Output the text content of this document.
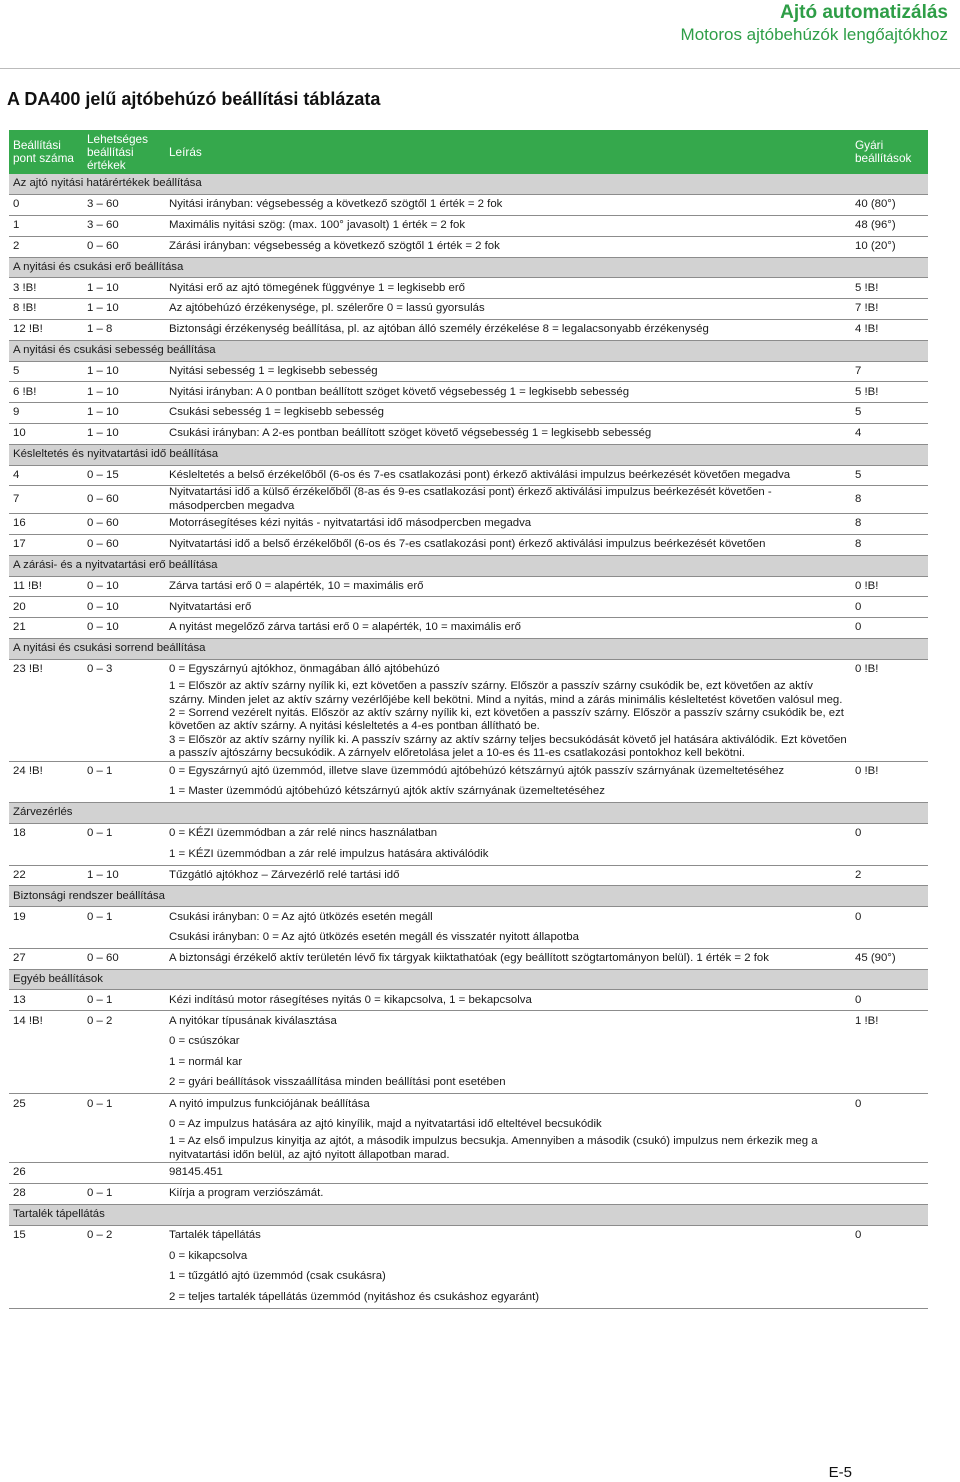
Ajtó automatizálás
Motoros ajtóbehúzók lengőajtókhoz
A DA400 jelű ajtóbehúzó beállítási táblázata
Beállítási pont száma	Lehetséges beállítási értékek	Leírás	Gyári beállítások
Az ajtó nyitási határértékek beállítása			
0	3 – 60	Nyitási irányban: végsebesség a következő szögtől 1 érték = 2 fok	40 (80°)
1	3 – 60	Maximális nyitási szög: (max. 100° javasolt) 1 érték = 2 fok	48 (96°)
2	0 – 60	Zárási irányban: végsebesség a következő szögtől 1 érték = 2 fok	10 (20°)
A nyitási és csukási erő beállítása			
3 !B!	1 – 10	Nyitási erő az ajtó tömegének függvénye 1 = legkisebb erő	5 !B!
8 !B!	1 – 10	Az ajtóbehúzó érzékenysége, pl. szélerőre 0 = lassú gyorsulás	7 !B!
12 !B!	1 – 8	Biztonsági érzékenység beállítása, pl. az ajtóban álló személy érzékelése 8 = legalacsonyabb érzékenység	4 !B!
A nyitási és csukási sebesség beállítása			
5	1 – 10	Nyitási sebesség 1 = legkisebb sebesség	7
6 !B!	1 – 10	Nyitási irányban: A 0 pontban beállított szöget követő végsebesség 1 = legkisebb sebesség	5 !B!
9	1 – 10	Csukási sebesség 1 = legkisebb sebesség	5
10	1 – 10	Csukási irányban: A 2-es pontban beállított szöget követő végsebesség 1 = legkisebb sebesség	4
Késleltetés és nyitvatartási idő beállítása			
4	0 – 15	Késleltetés a belső érzékelőből (6-os és 7-es csatlakozási pont) érkező aktiválási impulzus beérkezését követően megadva	5
7	0 – 60	Nyitvatartási idő a külső érzékelőből (8-as és 9-es csatlakozási pont) érkező aktiválási impulzus beérkezését követően - másodpercben megadva	8
16	0 – 60	Motorrásegítéses kézi nyitás - nyitvatartási idő másodpercben megadva	8
17	0 – 60	Nyitvatartási idő a belső érzékelőből (6-os és 7-es csatlakozási pont) érkező aktiválási impulzus beérkezését követően	8
A zárási- és a nyitvatartási erő beállítása			
11 !B!	0 – 10	Zárva tartási erő 0 = alapérték, 10 = maximális erő	0 !B!
20	0 – 10	Nyitvatartási erő	0
21	0 – 10	A nyitást megelőző zárva tartási erő 0 = alapérték, 10 = maximális erő	0
A nyitási és csukási sorrend beállítása			
23 !B!	0 – 3	0 = Egyszárnyú ajtókhoz, önmagában álló ajtóbehúzó	0 !B!
		1 = Először az aktív szárny nyílik ki, ezt követően a passzív szárny. Először a passzív szárny csukódik be, ezt követően az aktív szárny. Minden jelet az aktív szárny vezérlőjébe kell bekötni. Mind a nyitás, mind a zárás minimális késleltetést követően valósul meg.	
		2 = Sorrend vezérelt nyitás. Először az aktív szárny nyílik ki, ezt követően a passzív szárny. Először a passzív szárny csukódik be, ezt követően az aktív szárny. A nyitási késleltetés a 4-es pontban állítható be.	
		3 = Először az aktív szárny nyílik ki. A passzív szárny az aktív szárny teljes becsukódását követő jel hatására aktiválódik. Ezt követően a passzív ajtószárny becsukódik. A zárnyelv előretolása jelet a 10-es és 11-es csatlakozási pontokhoz kell bekötni.	
24 !B!	0 – 1	0 = Egyszárnyú ajtó üzemmód, illetve slave üzemmódú ajtóbehúzó kétszárnyú ajtók passzív szárnyának üzemeltetéséhez	0 !B!
		1 = Master üzemmódú ajtóbehúzó kétszárnyú ajtók aktív szárnyának üzemeltetéséhez	
Zárvezérlés			
18	0 – 1	0 = KÉZI üzemmódban a zár relé nincs használatban	0
		1 = KÉZI üzemmódban a zár relé impulzus hatására aktiválódik	
22	1 – 10	Tűzgátló ajtókhoz – Zárvezérlő relé tartási idő	2
Biztonsági rendszer beállítása			
19	0 – 1	Csukási irányban: 0 = Az ajtó ütközés esetén megáll	0
		Csukási irányban: 0 = Az ajtó ütközés esetén megáll és visszatér nyitott állapotba	
27	0 – 60	A biztonsági érzékelő aktív területén lévő fix tárgyak kiiktathatóak (egy beállított szögtartományon belül). 1 érték = 2 fok	45 (90°)
Egyéb beállítások			
13	0 – 1	Kézi indítású motor rásegítéses nyitás 0 = kikapcsolva, 1 = bekapcsolva	0
14 !B!	0 – 2	A nyitókar típusának kiválasztása	1 !B!
		0 = csúszókar	
		1 = normál kar	
		2 = gyári beállítások visszaállítása minden beállítási pont esetében	
25	0 – 1	A nyitó impulzus funkciójának beállítása	0
		0 = Az impulzus hatására az ajtó kinyílik, majd a nyitvatartási idő elteltével becsukódik	
		1 = Az első impulzus kinyitja az ajtót, a második impulzus becsukja. Amennyiben a második (csukó) impulzus nem érkezik meg a nyitvatartási időn belül, az ajtó nyitott állapotban marad.	
26		98145.451	
28	0 – 1	Kiírja a program verziószámát.	
Tartalék tápellátás			
15	0 – 2	Tartalék tápellátás	0
		0 = kikapcsolva	
		1 = tűzgátló ajtó üzemmód (csak csukásra)	
		2 = teljes tartalék tápellátás üzemmód (nyitáshoz és csukáshoz egyaránt)	
E-5
